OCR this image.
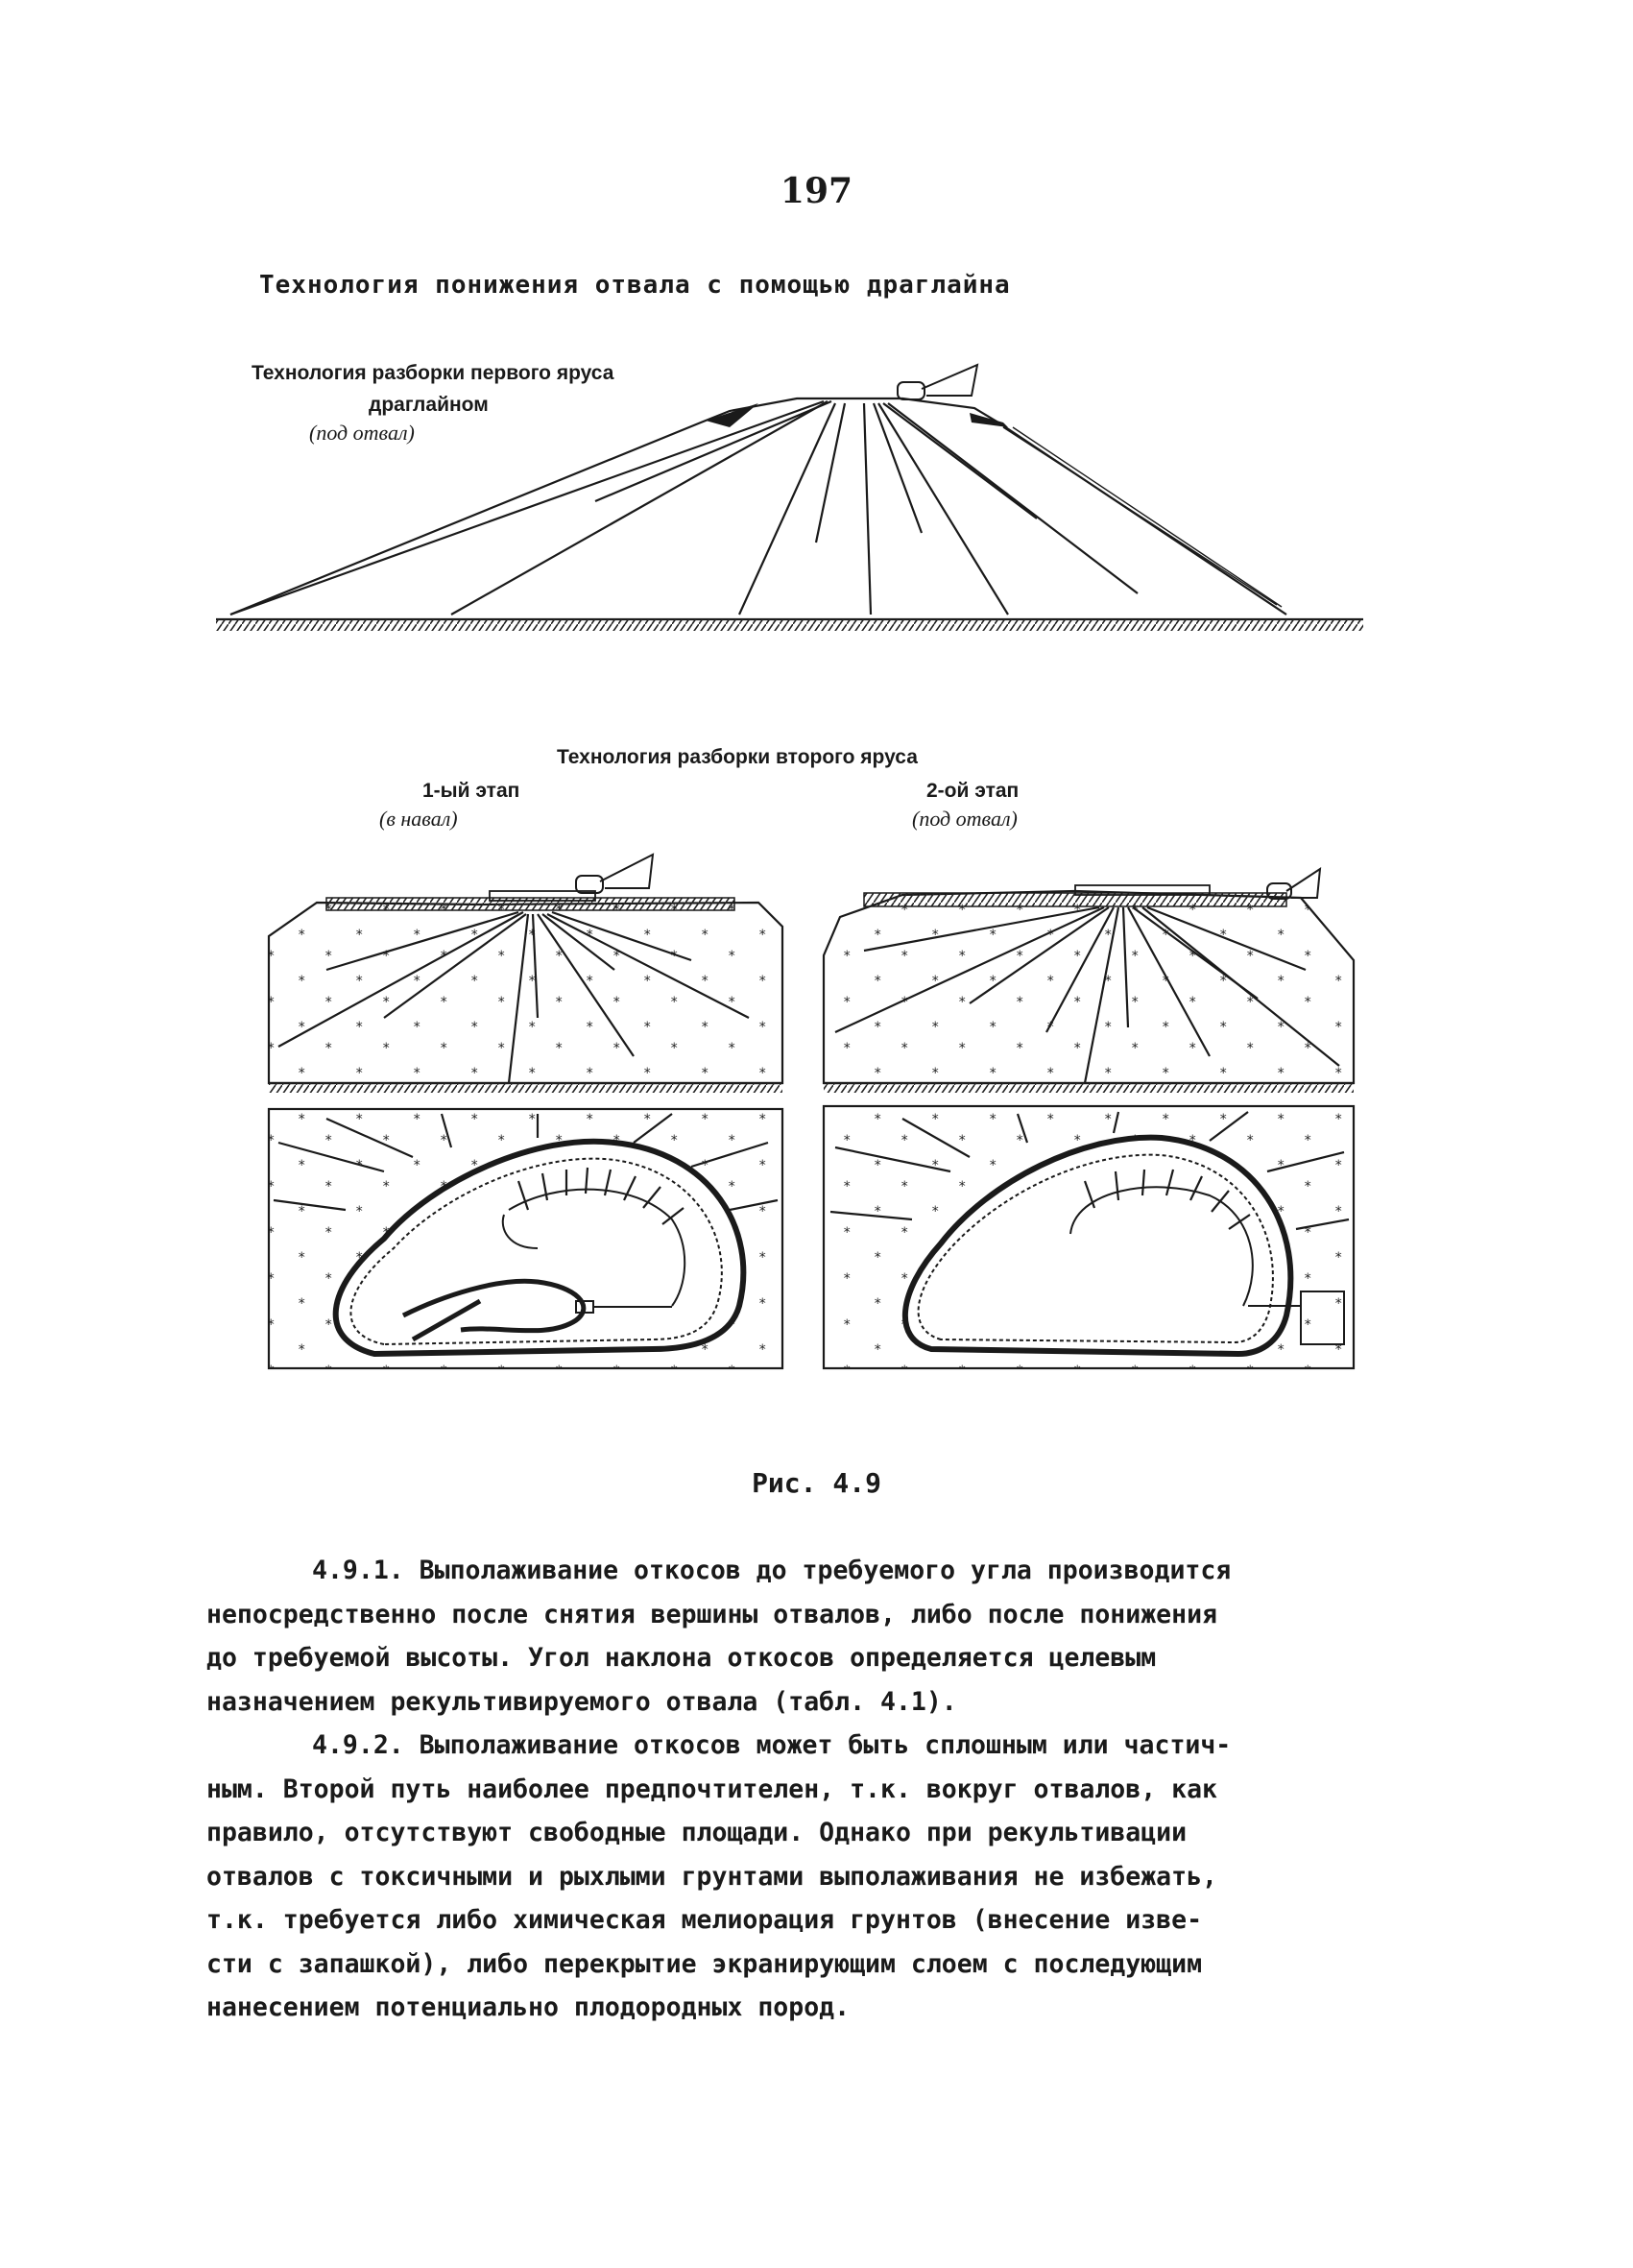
197
Технология понижения отвала с помощью драглайна
Технология разборки первого яруса
драглайном
(под отвал)
Технология разборки второго яруса
1-ый этап
(в навал)
2-ой этап
(под отвал)
Рис. 4.9

4.9.1. Выполаживание откосов до требуемого угла производится

непосредственно после снятия вершины отвалов, либо после понижения

до требуемой высоты. Угол наклона откосов определяется целевым

назначением рекультивируемого отвала (табл. 4.1).

4.9.2. Выполаживание откосов может быть сплошным или частич-

ным. Второй путь наиболее предпочтителен, т.к. вокруг отвалов, как

правило, отсутствуют свободные площади. Однако при рекультивации

отвалов с токсичными и рыхлыми грунтами выполаживания не избежать,

т.к. требуется либо химическая мелиорация грунтов (внесение изве-

сти с запашкой), либо перекрытие экранирующим слоем с последующим

нанесением потенциально плодородных пород.
